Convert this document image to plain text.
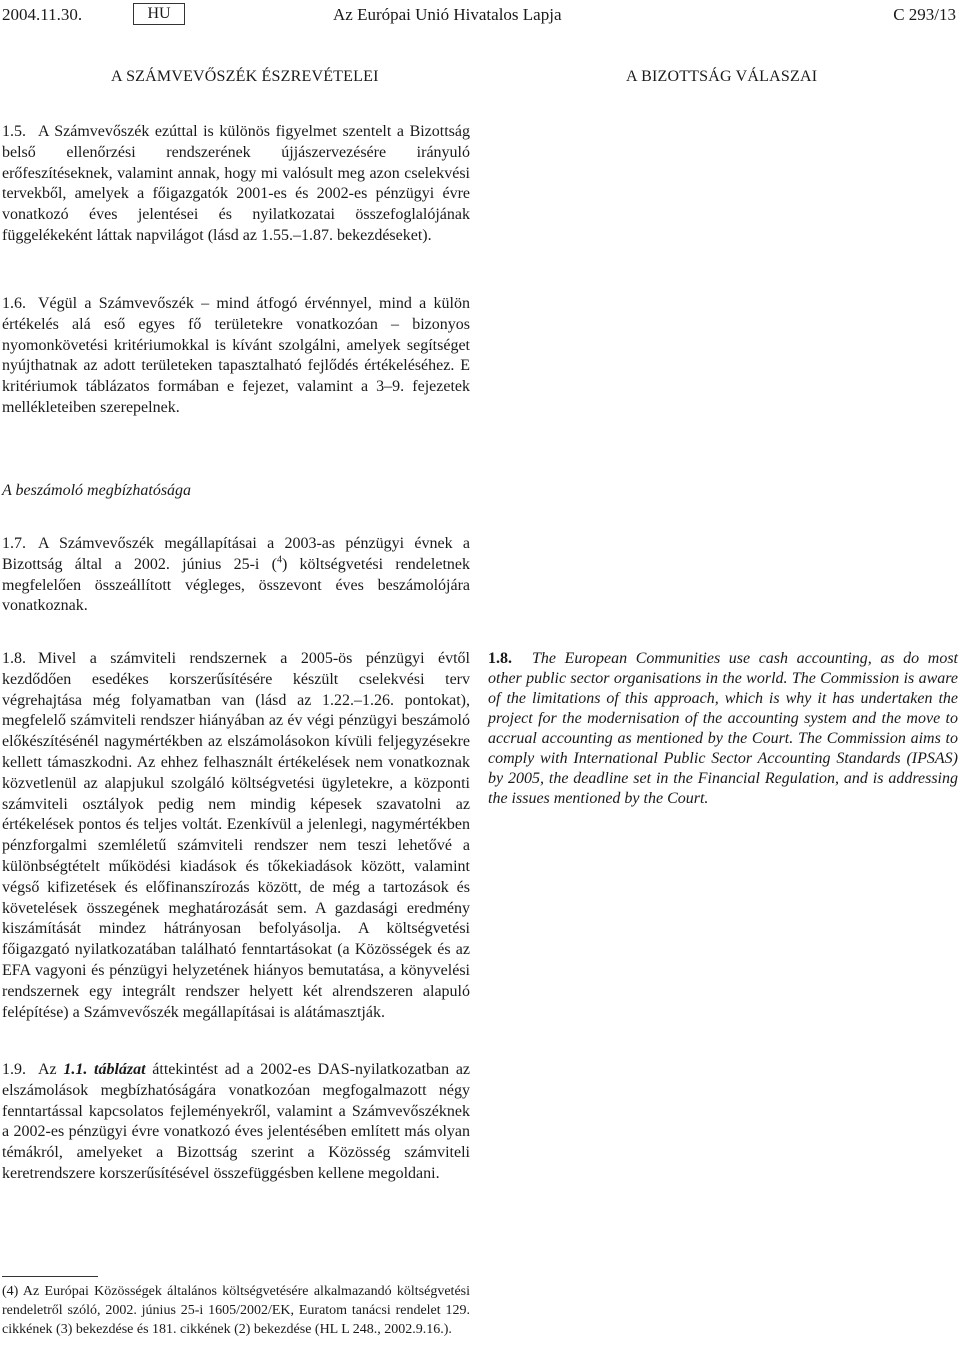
2004.11.30.	HU	Az Európai Unió Hivatalos Lapja	C 293/13
A SZÁMVEVŐSZÉK ÉSZREVÉTELEI	A BIZOTTSÁG VÁLASZAI
1.5. A Számvevőszék ezúttal is különös figyelmet szentelt a Bizottság belső ellenőrzési rendszerének újjászervezésére irányuló erőfeszítéseknek, valamint annak, hogy mi valósult meg azon cselekvési tervekből, amelyek a főigazgatók 2001-es és 2002-es pénzügyi évre vonatkozó éves jelentései és nyilatkozatai összefoglalójának függelékeként láttak napvilágot (lásd az 1.55.–1.87. bekezdéseket).
1.6. Végül a Számvevőszék – mind átfogó érvénnyel, mind a külön értékelés alá eső egyes fő területekre vonatkozóan – bizonyos nyomonkövetési kritériumokkal is kívánt szolgálni, amelyek segítséget nyújthatnak az adott területeken tapasztalható fejlődés értékeléséhez. E kritériumok táblázatos formában e fejezet, valamint a 3–9. fejezetek mellékleteiben szerepelnek.
A beszámoló megbízhatósága
1.7. A Számvevőszék megállapításai a 2003-as pénzügyi évnek a Bizottság által a 2002. június 25-i ($^4$) költségvetési rendeletnek megfelelően összeállított végleges, összevont éves beszámolójára vonatkoznak.
1.8. Mivel a számviteli rendszernek a 2005-ös pénzügyi évtől kezdődően esedékes korszerűsítésére készült cselekvési terv végrehajtása még folyamatban van (lásd az 1.22.–1.26. pontokat), megfelelő számviteli rendszer hiányában az év végi pénzügyi beszámoló előkészítésénél nagymértékben az elszámolásokon kívüli feljegyzésekre kellett támaszkodni. Az ehhez felhasznált értékelések nem vonatkoznak közvetlenül az alapjukul szolgáló költségvetési ügyletekre, a központi számviteli osztályok pedig nem mindig képesek szavatolni az értékelések pontos és teljes voltát. Ezenkívül a jelenlegi, nagymértékben pénzforgalmi szemléletű számviteli rendszer nem teszi lehetővé a különbségtételt működési kiadások és tőkekiadások között, valamint végső kifizetések és előfinanszírozás között, de még a tartozások és követelések összegének meghatározását sem. A gazdasági eredmény kiszámítását mindez hátrányosan befolyásolja. A költségvetési főigazgató nyilatkozatában található fenntartásokat (a Közösségek és az EFA vagyoni és pénzügyi helyzetének hiányos bemutatása, a könyvelési rendszernek egy integrált rendszer helyett két alrendszeren alapuló felépítése) a Számvevőszék megállapításai is alátámasztják.
1.8. The European Communities use cash accounting, as do most other public sector organisations in the world. The Commission is aware of the limitations of this approach, which is why it has undertaken the project for the modernisation of the accounting system and the move to accrual accounting as mentioned by the Court. The Commission aims to comply with International Public Sector Accounting Standards (IPSAS) by 2005, the deadline set in the Financial Regulation, and is addressing the issues mentioned by the Court.
1.9. Az 1.1. táblázat áttekintést ad a 2002-es DAS-nyilatkozatban az elszámolások megbízhatóságára vonatkozóan megfogalmazott négy fenntartással kapcsolatos fejleményekről, valamint a Számvevőszéknek a 2002-es pénzügyi évre vonatkozó éves jelentésében említett más olyan témákról, amelyeket a Bizottság szerint a Közösség számviteli keretrendszere korszerűsítésével összefüggésben kellene megoldani.
(4) Az Európai Közösségek általános költségvetésére alkalmazandó költségvetési rendeletről szóló, 2002. június 25-i 1605/2002/EK, Euratom tanácsi rendelet 129. cikkének (3) bekezdése és 181. cikkének (2) bekezdése (HL L 248., 2002.9.16.).
